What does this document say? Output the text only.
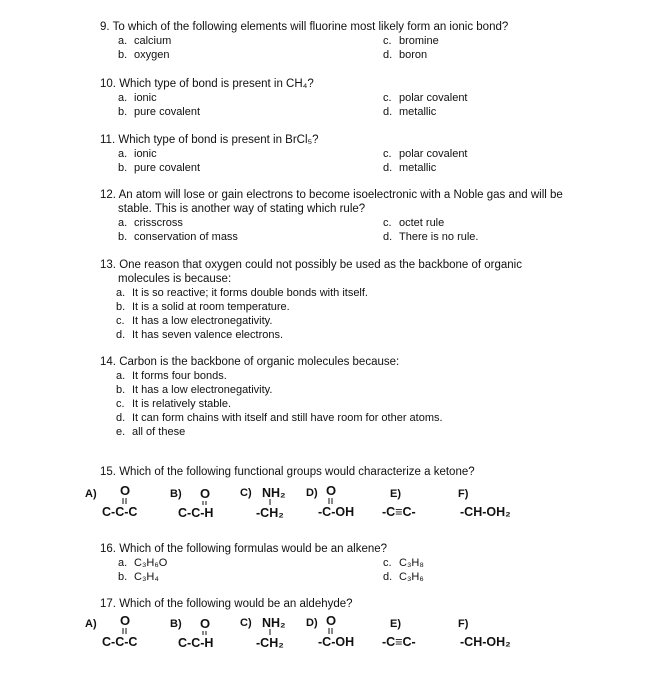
9. To which of the following elements will fluorine most likely form an ionic bond?
a. calcium
b. oxygen
c. bromine
d. boron
10. Which type of bond is present in CH₄?
a. ionic
b. pure covalent
c. polar covalent
d. metallic
11. Which type of bond is present in BrCl₅?
a. ionic
b. pure covalent
c. polar covalent
d. metallic
12. An atom will lose or gain electrons to become isoelectronic with a Noble gas and will be
stable. This is another way of stating which rule?
a. crisscross
b. conservation of mass
c. octet rule
d. There is no rule.
13. One reason that oxygen could not possibly be used as the backbone of organic
molecules is because:
a. It is so reactive; it forms double bonds with itself.
b. It is a solid at room temperature.
c. It has a low electronegativity.
d. It has seven valence electrons.
14. Carbon is the backbone of organic molecules because:
a. It forms four bonds.
b. It has a low electronegativity.
c. It is relatively stable.
d. It can form chains with itself and still have room for other atoms.
e. all of these
15. Which of the following functional groups would characterize a ketone?
A) O
C-C-C
B) O
C-C-H
C) NH₂
-CH₂
D) O
-C-OH
E)
-C≡C-
F)
-CH-OH₂
16. Which of the following formulas would be an alkene?
a. C₃H₆O
b. C₃H₄
c. C₃H₈
d. C₃H₆
17. Which of the following would be an aldehyde?
A) O
C-C-C
B) O
C-C-H
C) NH₂
-CH₂
D) O
-C-OH
E)
-C≡C-
F)
-CH-OH₂
